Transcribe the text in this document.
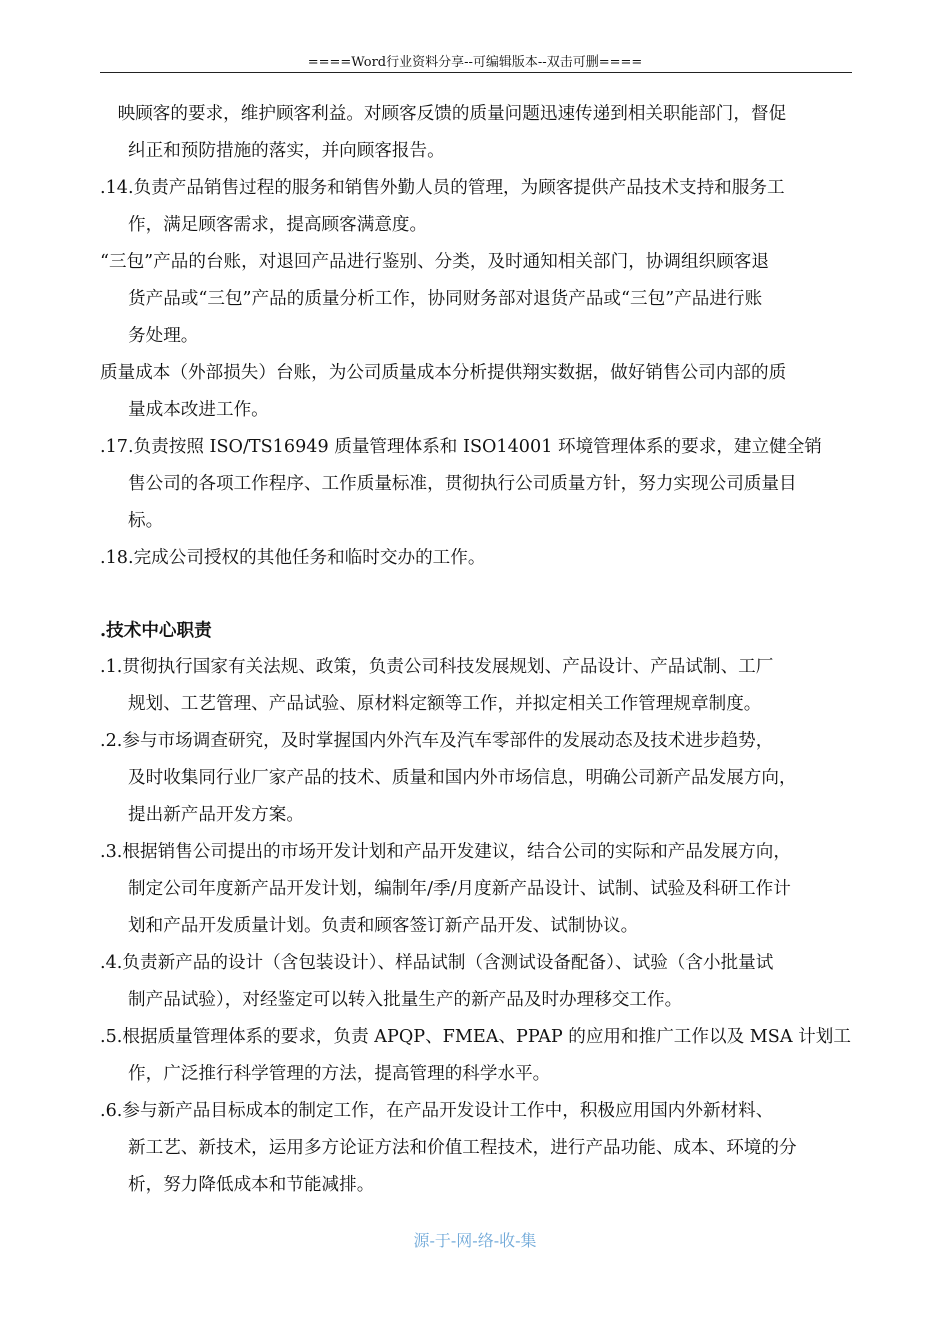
====Word行业资料分享--可编辑版本--双击可删====
　映顾客的要求，维护顾客利益。对顾客反馈的质量问题迅速传递到相关职能部门，督促
纠正和预防措施的落实，并向顾客报告。
.14.负责产品销售过程的服务和销售外勤人员的管理，为顾客提供产品技术支持和服务工
作，满足顾客需求，提高顾客满意度。
“三包”产品的台账，对退回产品进行鉴别、分类，及时通知相关部门，协调组织顾客退
货产品或“三包”产品的质量分析工作，协同财务部对退货产品或“三包”产品进行账
务处理。
质量成本（外部损失）台账，为公司质量成本分析提供翔实数据，做好销售公司内部的质
量成本改进工作。
.17.负责按照 ISO/TS16949 质量管理体系和 ISO14001 环境管理体系的要求，建立健全销
售公司的各项工作程序、工作质量标准，贯彻执行公司质量方针，努力实现公司质量目
标。
.18.完成公司授权的其他任务和临时交办的工作。
.技术中心职责
.1.贯彻执行国家有关法规、政策，负责公司科技发展规划、产品设计、产品试制、工厂
规划、工艺管理、产品试验、原材料定额等工作，并拟定相关工作管理规章制度。
.2.参与市场调查研究，及时掌握国内外汽车及汽车零部件的发展动态及技术进步趋势，
及时收集同行业厂家产品的技术、质量和国内外市场信息，明确公司新产品发展方向，
提出新产品开发方案。
.3.根据销售公司提出的市场开发计划和产品开发建议，结合公司的实际和产品发展方向，
制定公司年度新产品开发计划，编制年/季/月度新产品设计、试制、试验及科研工作计
划和产品开发质量计划。负责和顾客签订新产品开发、试制协议。
.4.负责新产品的设计（含包装设计）、样品试制（含测试设备配备）、试验（含小批量试
制产品试验），对经鉴定可以转入批量生产的新产品及时办理移交工作。
.5.根据质量管理体系的要求，负责 APQP、FMEA、PPAP 的应用和推广工作以及 MSA 计划工
作，广泛推行科学管理的方法，提高管理的科学水平。
.6.参与新产品目标成本的制定工作，在产品开发设计工作中，积极应用国内外新材料、
新工艺、新技术，运用多方论证方法和价值工程技术，进行产品功能、成本、环境的分
析，努力降低成本和节能减排。
源-于-网-络-收-集
